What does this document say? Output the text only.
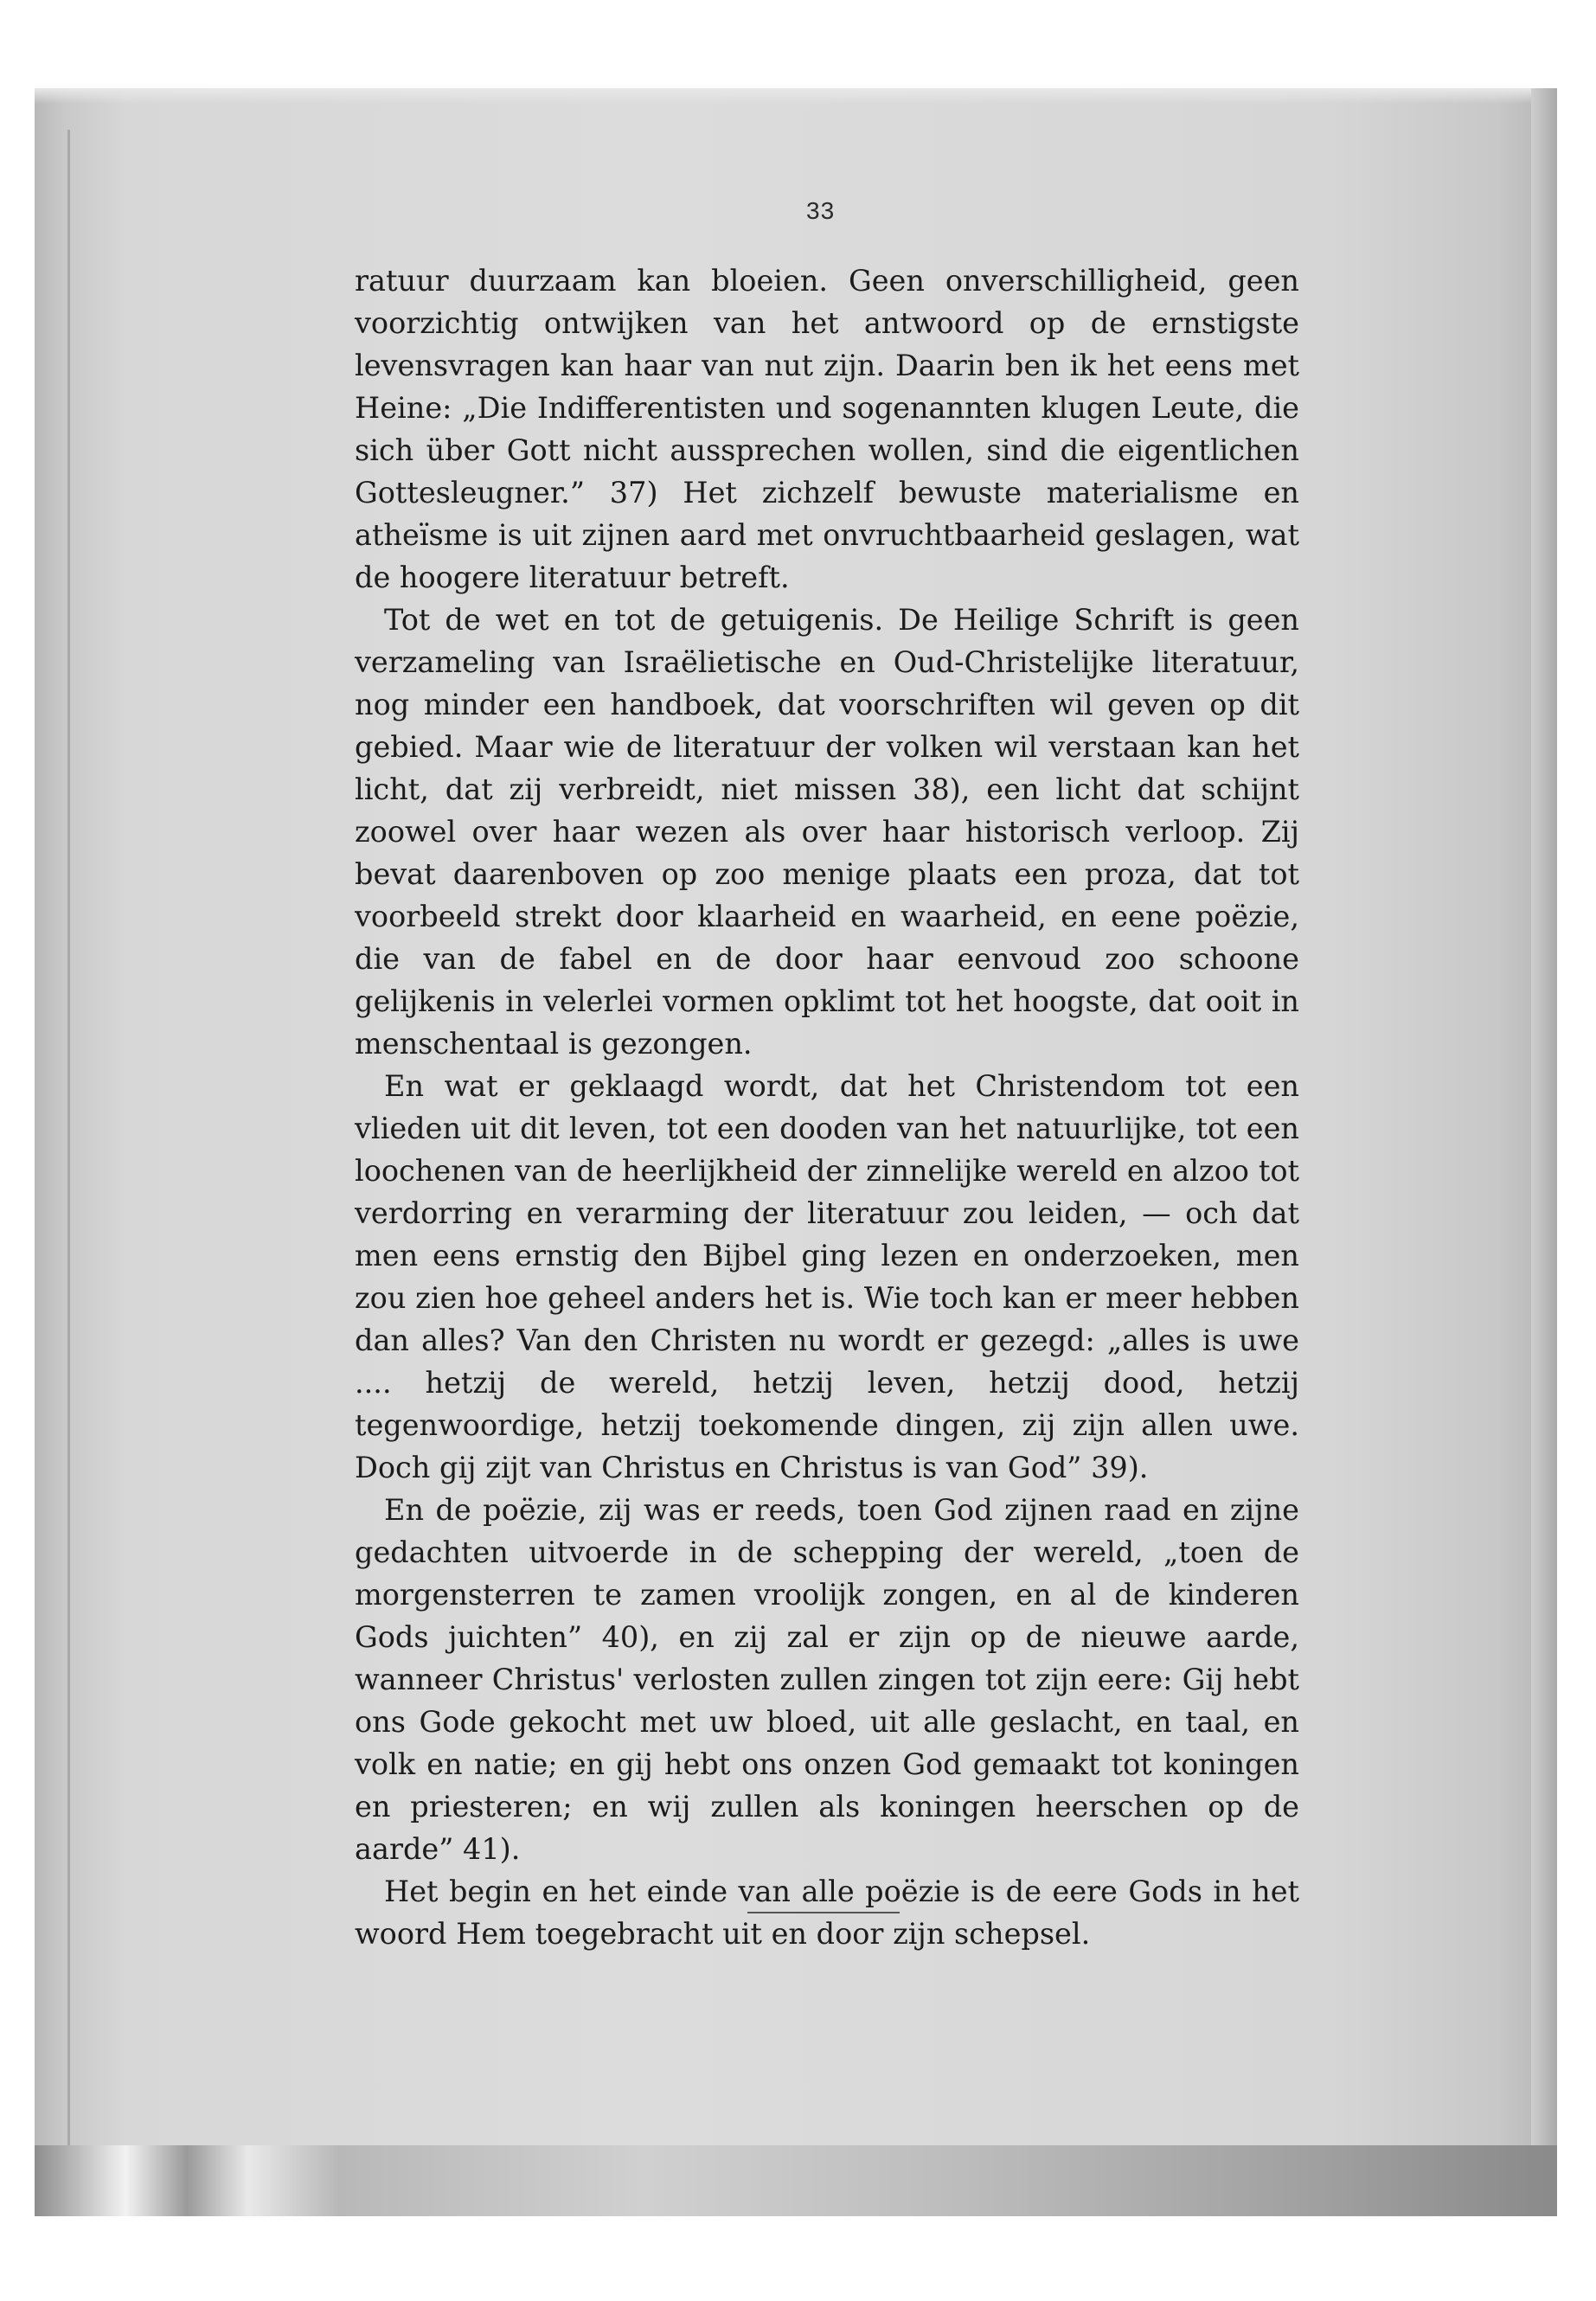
33

ratuur duurzaam kan bloeien. Geen onverschilligheid, geen voorzichtig ontwijken van het antwoord op de ernstigste levensvragen kan haar van nut zijn. Daarin ben ik het eens met Heine: „Die Indifferentisten und sogenannten klugen Leute, die sich über Gott nicht aussprechen wollen, sind die eigentlichen Gottesleugner.” 37) Het zichzelf bewuste materialisme en atheïsme is uit zijnen aard met onvruchtbaarheid geslagen, wat de hoogere literatuur betreft.

Tot de wet en tot de getuigenis. De Heilige Schrift is geen verzameling van Israëlietische en Oud-Christelijke literatuur, nog minder een handboek, dat voorschriften wil geven op dit gebied. Maar wie de literatuur der volken wil verstaan kan het licht, dat zij verbreidt, niet missen 38), een licht dat schijnt zoowel over haar wezen als over haar historisch verloop. Zij bevat daarenboven op zoo menige plaats een proza, dat tot voorbeeld strekt door klaarheid en waarheid, en eene poëzie, die van de fabel en de door haar eenvoud zoo schoone gelijkenis in velerlei vormen opklimt tot het hoogste, dat ooit in menschentaal is gezongen.

En wat er geklaagd wordt, dat het Christendom tot een vlieden uit dit leven, tot een dooden van het natuurlijke, tot een loochenen van de heerlijkheid der zinnelijke wereld en alzoo tot verdorring en verarming der literatuur zou leiden, — och dat men eens ernstig den Bijbel ging lezen en onderzoeken, men zou zien hoe geheel anders het is. Wie toch kan er meer hebben dan alles? Van den Christen nu wordt er gezegd: „alles is uwe .... hetzij de wereld, hetzij leven, hetzij dood, hetzij tegenwoordige, hetzij toekomende dingen, zij zijn allen uwe. Doch gij zijt van Christus en Christus is van God” 39).

En de poëzie, zij was er reeds, toen God zijnen raad en zijne gedachten uitvoerde in de schepping der wereld, „toen de morgensterren te zamen vroolijk zongen, en al de kinderen Gods juichten” 40), en zij zal er zijn op de nieuwe aarde, wanneer Christus' verlosten zullen zingen tot zijn eere: Gij hebt ons Gode gekocht met uw bloed, uit alle geslacht, en taal, en volk en natie; en gij hebt ons onzen God gemaakt tot koningen en priesteren; en wij zullen als koningen heerschen op de aarde” 41).

Het begin en het einde van alle poëzie is de eere Gods in het woord Hem toegebracht uit en door zijn schepsel.
